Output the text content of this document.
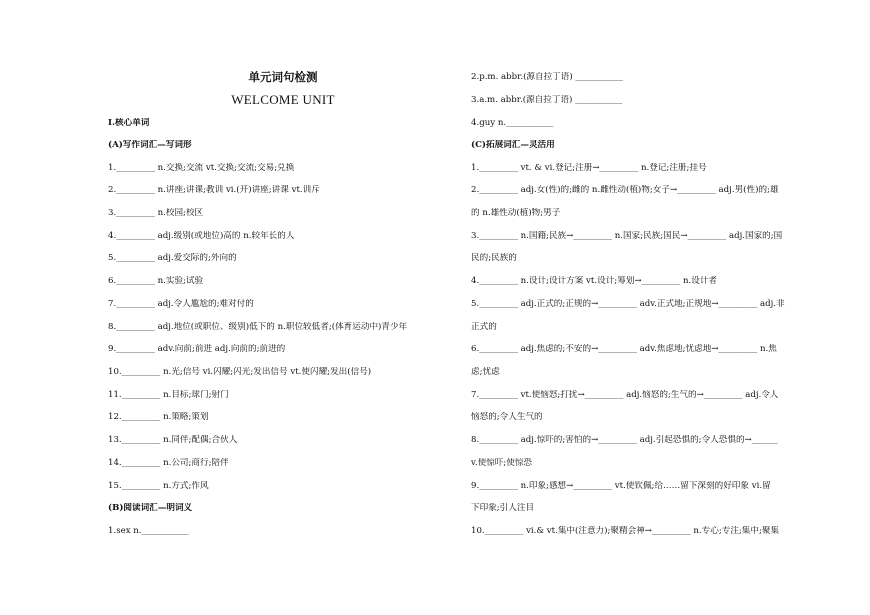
单元词句检测
WELCOME UNIT
Ⅰ.核心单词
(A)写作词汇—写词形
1._________ n.交换;交流 vt.交换;交流;交易;兑换
2._________ n.讲座;讲课;教训 vi.(开)讲座;讲课 vt.训斥
3._________ n.校园;校区
4._________ adj.级别(或地位)高的 n.较年长的人
5._________ adj.爱交际的;外向的
6._________ n.实验;试验
7._________ adj.令人尴尬的;难对付的
8._________ adj.地位(或职位、级别)低下的 n.职位较低者;(体育运动中)青少年
9._________ adv.向前;前进 adj.向前的;前进的
10._________ n.光;信号 vi.闪耀;闪光;发出信号 vt.使闪耀;发出(信号)
11._________ n.目标;球门;射门
12._________ n.策略;策划
13._________ n.同伴;配偶;合伙人
14._________ n.公司;商行;陪伴
15._________ n.方式;作风
(B)阅读词汇—明词义
1.sex n.___________
2.p.m. abbr.(源自拉丁语) ___________
3.a.m. abbr.(源自拉丁语) ___________
4.guy n.___________
(C)拓展词汇—灵活用
1._________ vt. & vi.登记;注册→_________ n.登记;注册;挂号
2._________ adj.女(性)的;雌的 n.雌性动(植)物;女子→_________ adj.男(性)的;雄
的 n.雄性动(植)物;男子
3._________ n.国籍;民族→_________ n.国家;民族;国民→_________ adj.国家的;国
民的;民族的
4._________ n.设计;设计方案 vt.设计;筹划→_________ n.设计者
5._________ adj.正式的;正规的→_________ adv.正式地;正规地→_________ adj.非
正式的
6._________ adj.焦虑的;不安的→_________ adv.焦虑地;忧虑地→_________ n.焦
虑;忧虑
7._________ vt.使恼怒;打扰→_________ adj.恼怒的;生气的→_________ adj.令人
恼怒的;令人生气的
8._________ adj.惊吓的;害怕的→_________ adj.引起恐惧的;令人恐惧的→______
v.使惊吓;使惊恐
9._________ n.印象;感想→_________ vt.使钦佩;给……留下深刻的好印象 vi.留
下印象;引人注目
10._________ vi.& vt.集中(注意力);聚精会神→_________ n.专心;专注;集中;聚集
